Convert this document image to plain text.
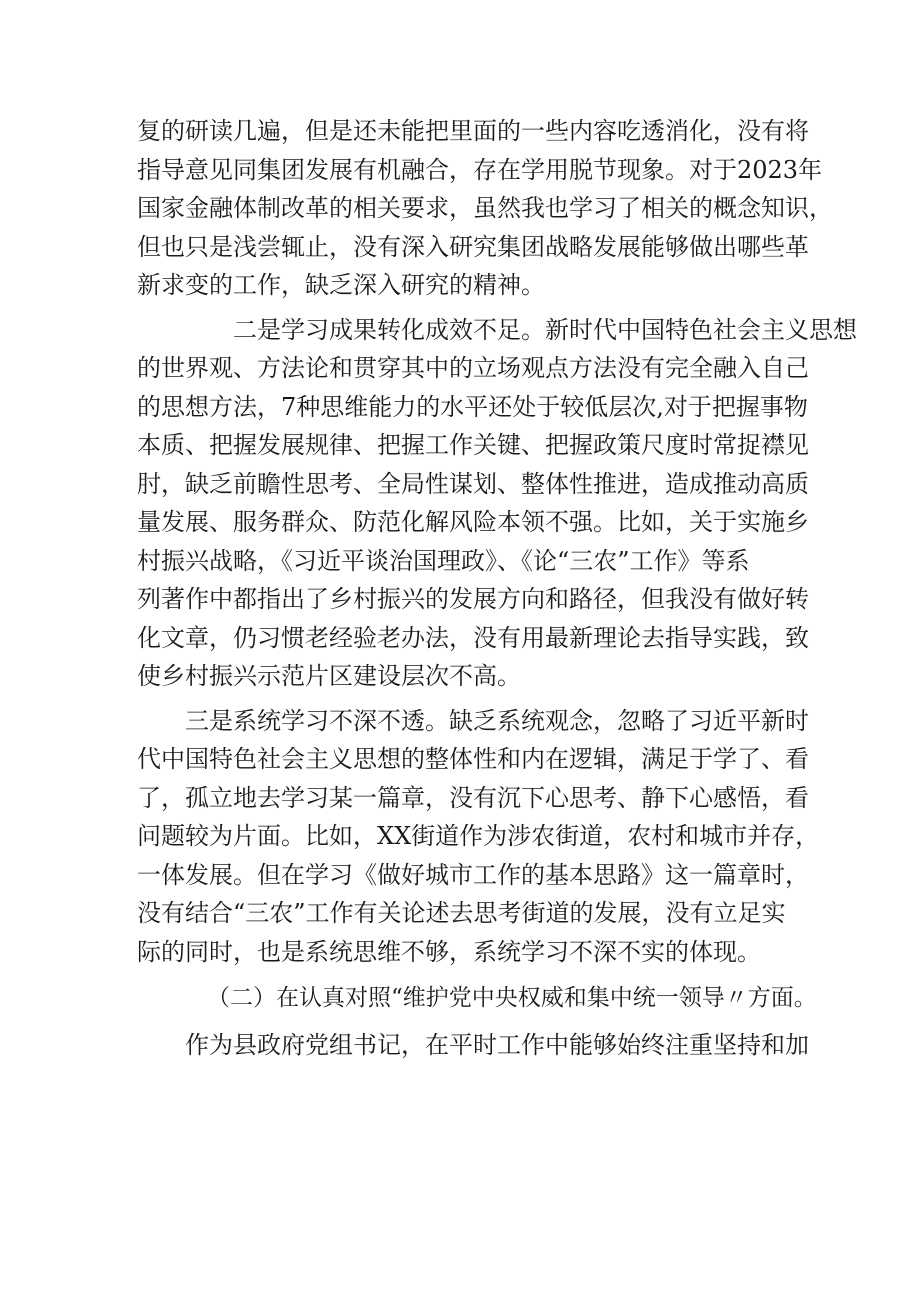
复的研读几遍，但是还未能把里面的一些内容吃透消化，没有将
指导意见同集团发展有机融合，存在学用脱节现象。对于2023年
国家金融体制改革的相关要求，虽然我也学习了相关的概念知识，
但也只是浅尝辄止，没有深入研究集团战略发展能够做出哪些革
新求变的工作，缺乏深入研究的精神。
二是学习成果转化成效不足。新时代中国特色社会主义思想
的世界观、方法论和贯穿其中的立场观点方法没有完全融入自己
的思想方法，7种思维能力的水平还处于较低层次,对于把握事物
本质、把握发展规律、把握工作关键、把握政策尺度时常捉襟见
肘，缺乏前瞻性思考、全局性谋划、整体性推进，造成推动高质
量发展、服务群众、防范化解风险本领不强。比如，关于实施乡
村振兴战略，《习近平谈治国理政》、《论“三农”工作》等系
列著作中都指出了乡村振兴的发展方向和路径，但我没有做好转
化文章，仍习惯老经验老办法，没有用最新理论去指导实践，致
使乡村振兴示范片区建设层次不高。
三是系统学习不深不透。缺乏系统观念，忽略了习近平新时
代中国特色社会主义思想的整体性和内在逻辑，满足于学了、看
了，孤立地去学习某一篇章，没有沉下心思考、静下心感悟，看
问题较为片面。比如，XX街道作为涉农街道，农村和城市并存，
一体发展。但在学习《做好城市工作的基本思路》这一篇章时，
没有结合“三农”工作有关论述去思考街道的发展，没有立足实
际的同时，也是系统思维不够，系统学习不深不实的体现。

（二）在认真对照“维护党中央权威和集中统一领导〃方面。

作为县政府党组书记，在平时工作中能够始终注重坚持和加
